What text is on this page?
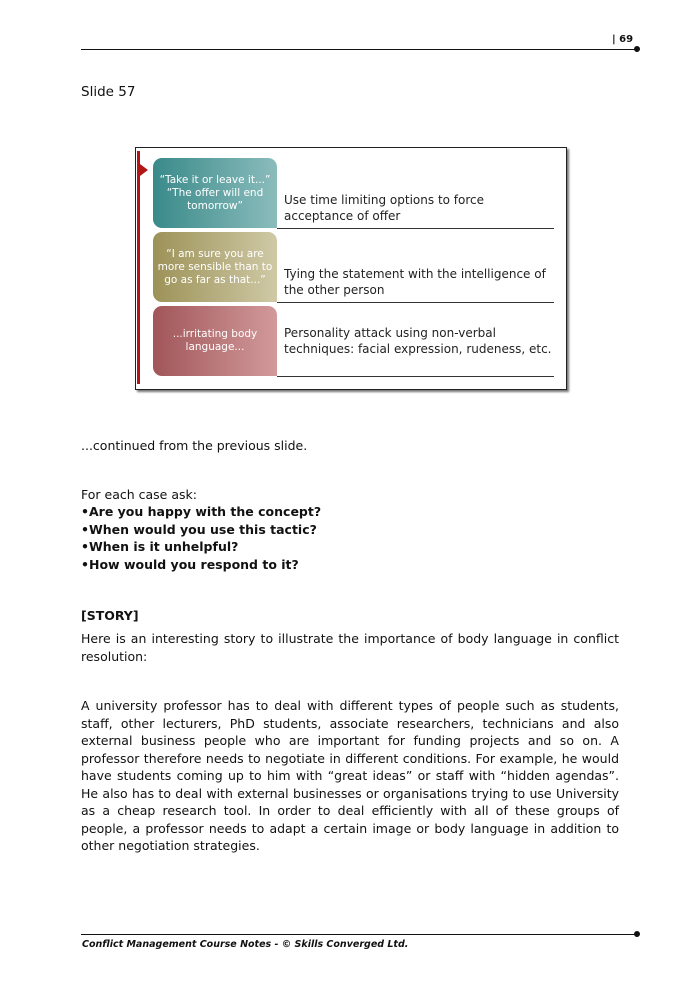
| 69
Slide 57
“Take it or leave it...” “The offer will end tomorrow”	Use time limiting options to force acceptance of offer
“I am sure you are more sensible than to go as far as that...”	Tying the statement with the intelligence of the other person
...irritating body language...
Personality attack using non-verbal techniques: facial expression, rudeness, etc.
...continued from the previous slide.
For each case ask:
•Are you happy with the concept?
•When would you use this tactic?
•When is it unhelpful?
•How would you respond to it?
[STORY]
Here is an interesting story to illustrate the importance of body language in conflict resolution:
A university professor has to deal with different types of people such as students, staff, other lecturers, PhD students, associate researchers, technicians and also external business people who are important for funding projects and so on. A professor therefore needs to negotiate in different conditions. For example, he would have students coming up to him with “great ideas” or staff with “hidden agendas”. He also has to deal with external businesses or organisations trying to use University as a cheap research tool. In order to deal efficiently with all of these groups of people, a professor needs to adapt a certain image or body language in addition to other negotiation strategies.
Conflict Management Course Notes - © Skills Converged Ltd.
